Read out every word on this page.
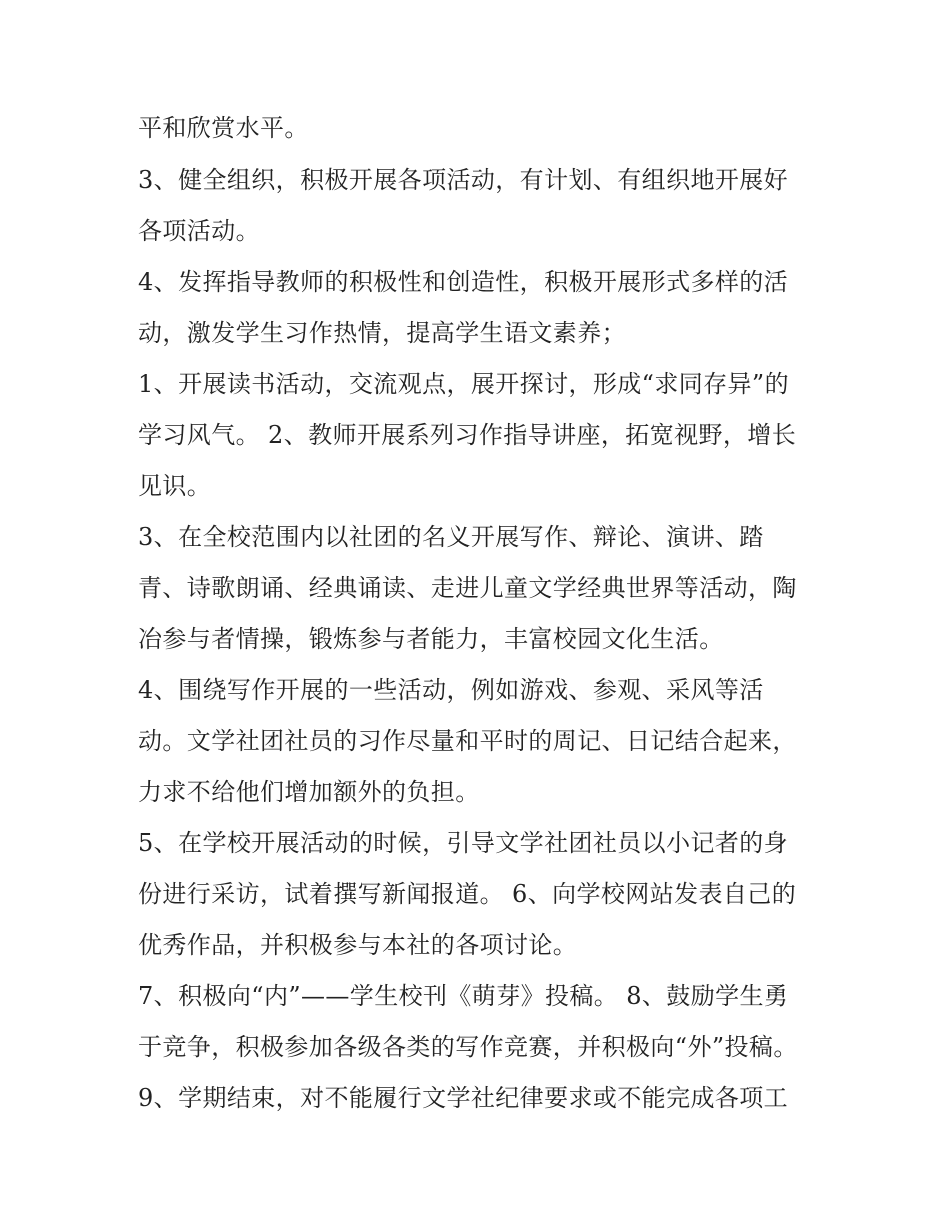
平和欣赏水平。
3、健全组织，积极开展各项活动，有计划、有组织地开展好
各项活动。
4、发挥指导教师的积极性和创造性，积极开展形式多样的活
动，激发学生习作热情，提高学生语文素养；
1、开展读书活动，交流观点，展开探讨，形成“求同存异”的
学习风气。 2、教师开展系列习作指导讲座，拓宽视野，增长
见识。
3、在全校范围内以社团的名义开展写作、辩论、演讲、踏
青、诗歌朗诵、经典诵读、走进儿童文学经典世界等活动，陶
冶参与者情操，锻炼参与者能力，丰富校园文化生活。
4、围绕写作开展的一些活动，例如游戏、参观、采风等活
动。文学社团社员的习作尽量和平时的周记、日记结合起来，
力求不给他们增加额外的负担。
5、在学校开展活动的时候，引导文学社团社员以小记者的身
份进行采访，试着撰写新闻报道。 6、向学校网站发表自己的
优秀作品，并积极参与本社的各项讨论。
7、积极向“内”——学生校刊《萌芽》投稿。 8、鼓励学生勇
于竞争，积极参加各级各类的写作竞赛，并积极向“外”投稿。
9、学期结束，对不能履行文学社纪律要求或不能完成各项工
